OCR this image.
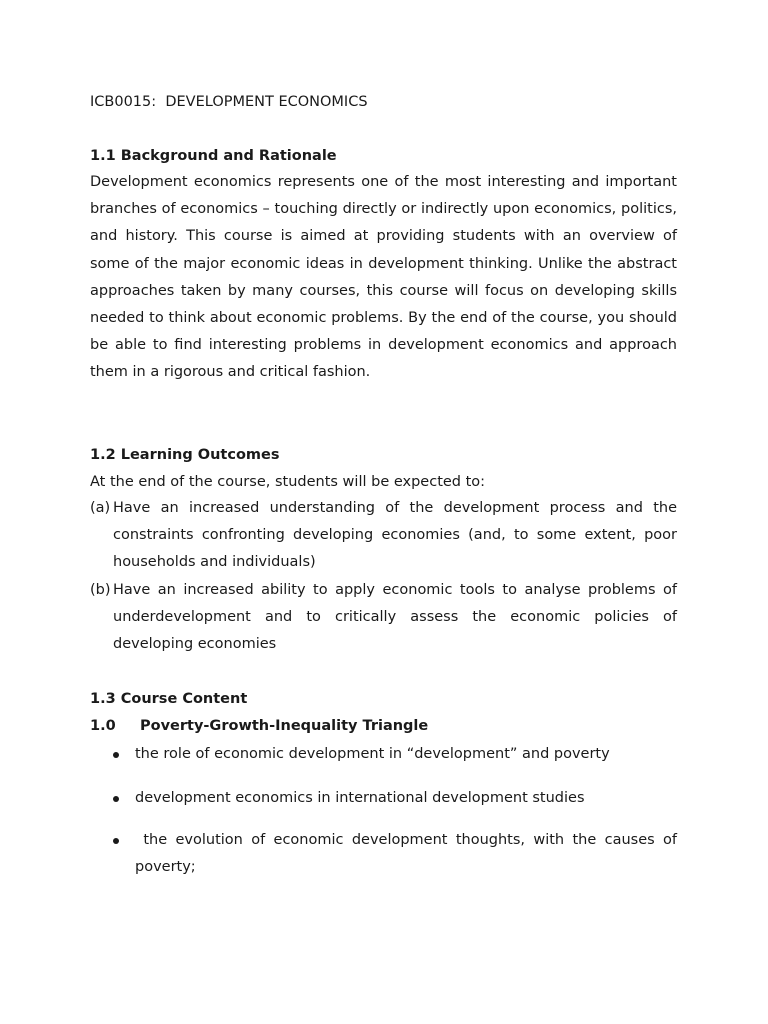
ICB0015:  DEVELOPMENT ECONOMICS

1.1 Background and Rationale

Development economics represents one of the most interesting and important branches of economics – touching directly or indirectly upon economics, politics, and history. This course is aimed at providing students with an overview of some of the major economic ideas in development thinking. Unlike the abstract approaches taken by many courses, this course will focus on developing skills needed to think about economic problems. By the end of the course, you should be able to find interesting problems in development economics and approach them in a rigorous and critical fashion.

1.2 Learning Outcomes

At the end of the course, students will be expected to:

(a) Have an increased understanding of the development process and the constraints confronting developing economies (and, to some extent, poor households and individuals)
(b) Have an increased ability to apply economic tools to analyse problems of underdevelopment and to critically assess the economic policies of developing economies

1.3 Course Content

1.0 Poverty-Growth-Inequality Triangle

the role of economic development in “development” and poverty
development economics in international development studies
the evolution of economic development thoughts, with the causes of poverty;
